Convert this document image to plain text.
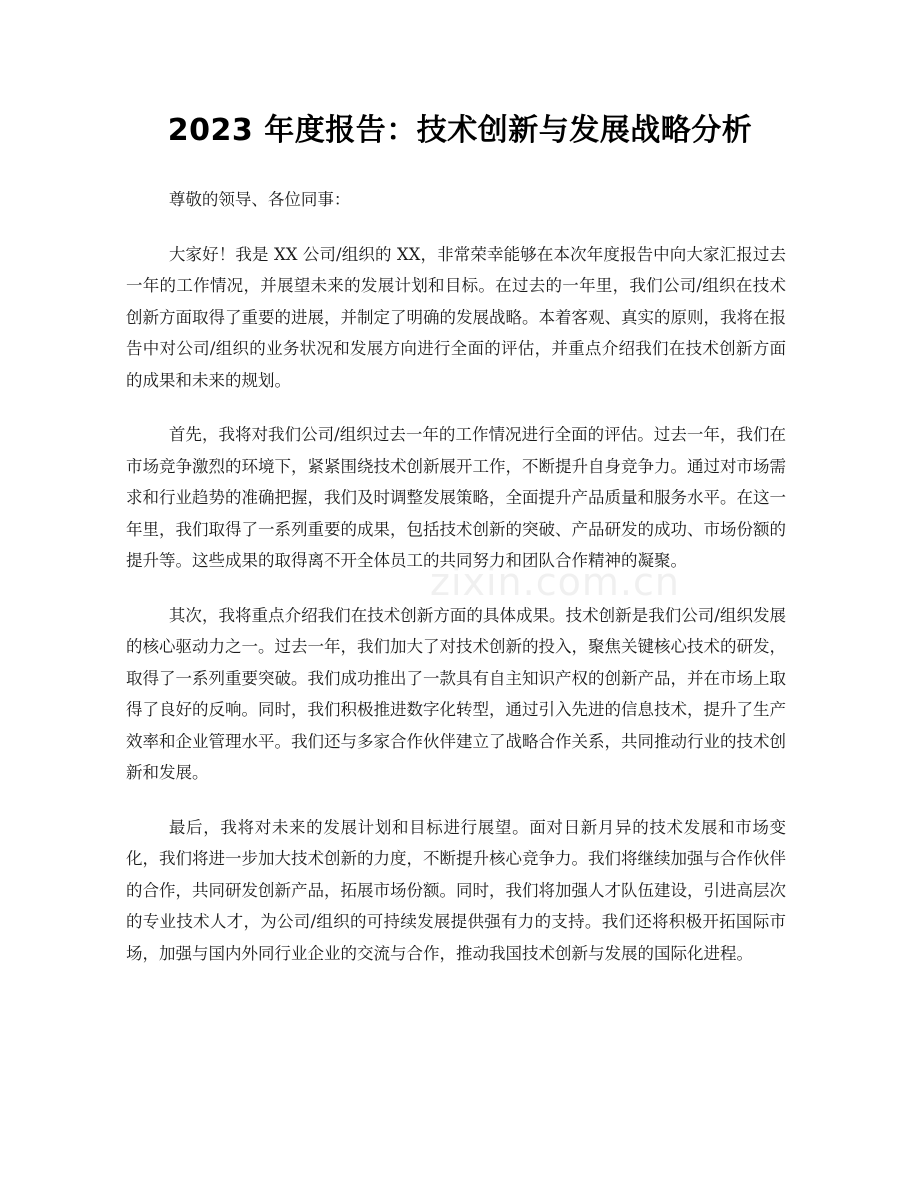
2023 年度报告：技术创新与发展战略分析

尊敬的领导、各位同事：

大家好！我是 XX 公司/组织的 XX，非常荣幸能够在本次年度报告中向大家汇报过去一年的工作情况，并展望未来的发展计划和目标。在过去的一年里，我们公司/组织在技术创新方面取得了重要的进展，并制定了明确的发展战略。本着客观、真实的原则，我将在报告中对公司/组织的业务状况和发展方向进行全面的评估，并重点介绍我们在技术创新方面的成果和未来的规划。

首先，我将对我们公司/组织过去一年的工作情况进行全面的评估。过去一年，我们在市场竞争激烈的环境下，紧紧围绕技术创新展开工作，不断提升自身竞争力。通过对市场需求和行业趋势的准确把握，我们及时调整发展策略，全面提升产品质量和服务水平。在这一年里，我们取得了一系列重要的成果，包括技术创新的突破、产品研发的成功、市场份额的提升等。这些成果的取得离不开全体员工的共同努力和团队合作精神的凝聚。

其次，我将重点介绍我们在技术创新方面的具体成果。技术创新是我们公司/组织发展的核心驱动力之一。过去一年，我们加大了对技术创新的投入，聚焦关键核心技术的研发，取得了一系列重要突破。我们成功推出了一款具有自主知识产权的创新产品，并在市场上取得了良好的反响。同时，我们积极推进数字化转型，通过引入先进的信息技术，提升了生产效率和企业管理水平。我们还与多家合作伙伴建立了战略合作关系，共同推动行业的技术创新和发展。

最后，我将对未来的发展计划和目标进行展望。面对日新月异的技术发展和市场变化，我们将进一步加大技术创新的力度，不断提升核心竞争力。我们将继续加强与合作伙伴的合作，共同研发创新产品，拓展市场份额。同时，我们将加强人才队伍建设，引进高层次的专业技术人才，为公司/组织的可持续发展提供强有力的支持。我们还将积极开拓国际市场，加强与国内外同行业企业的交流与合作，推动我国技术创新与发展的国际化进程。

zixin.com.cn
